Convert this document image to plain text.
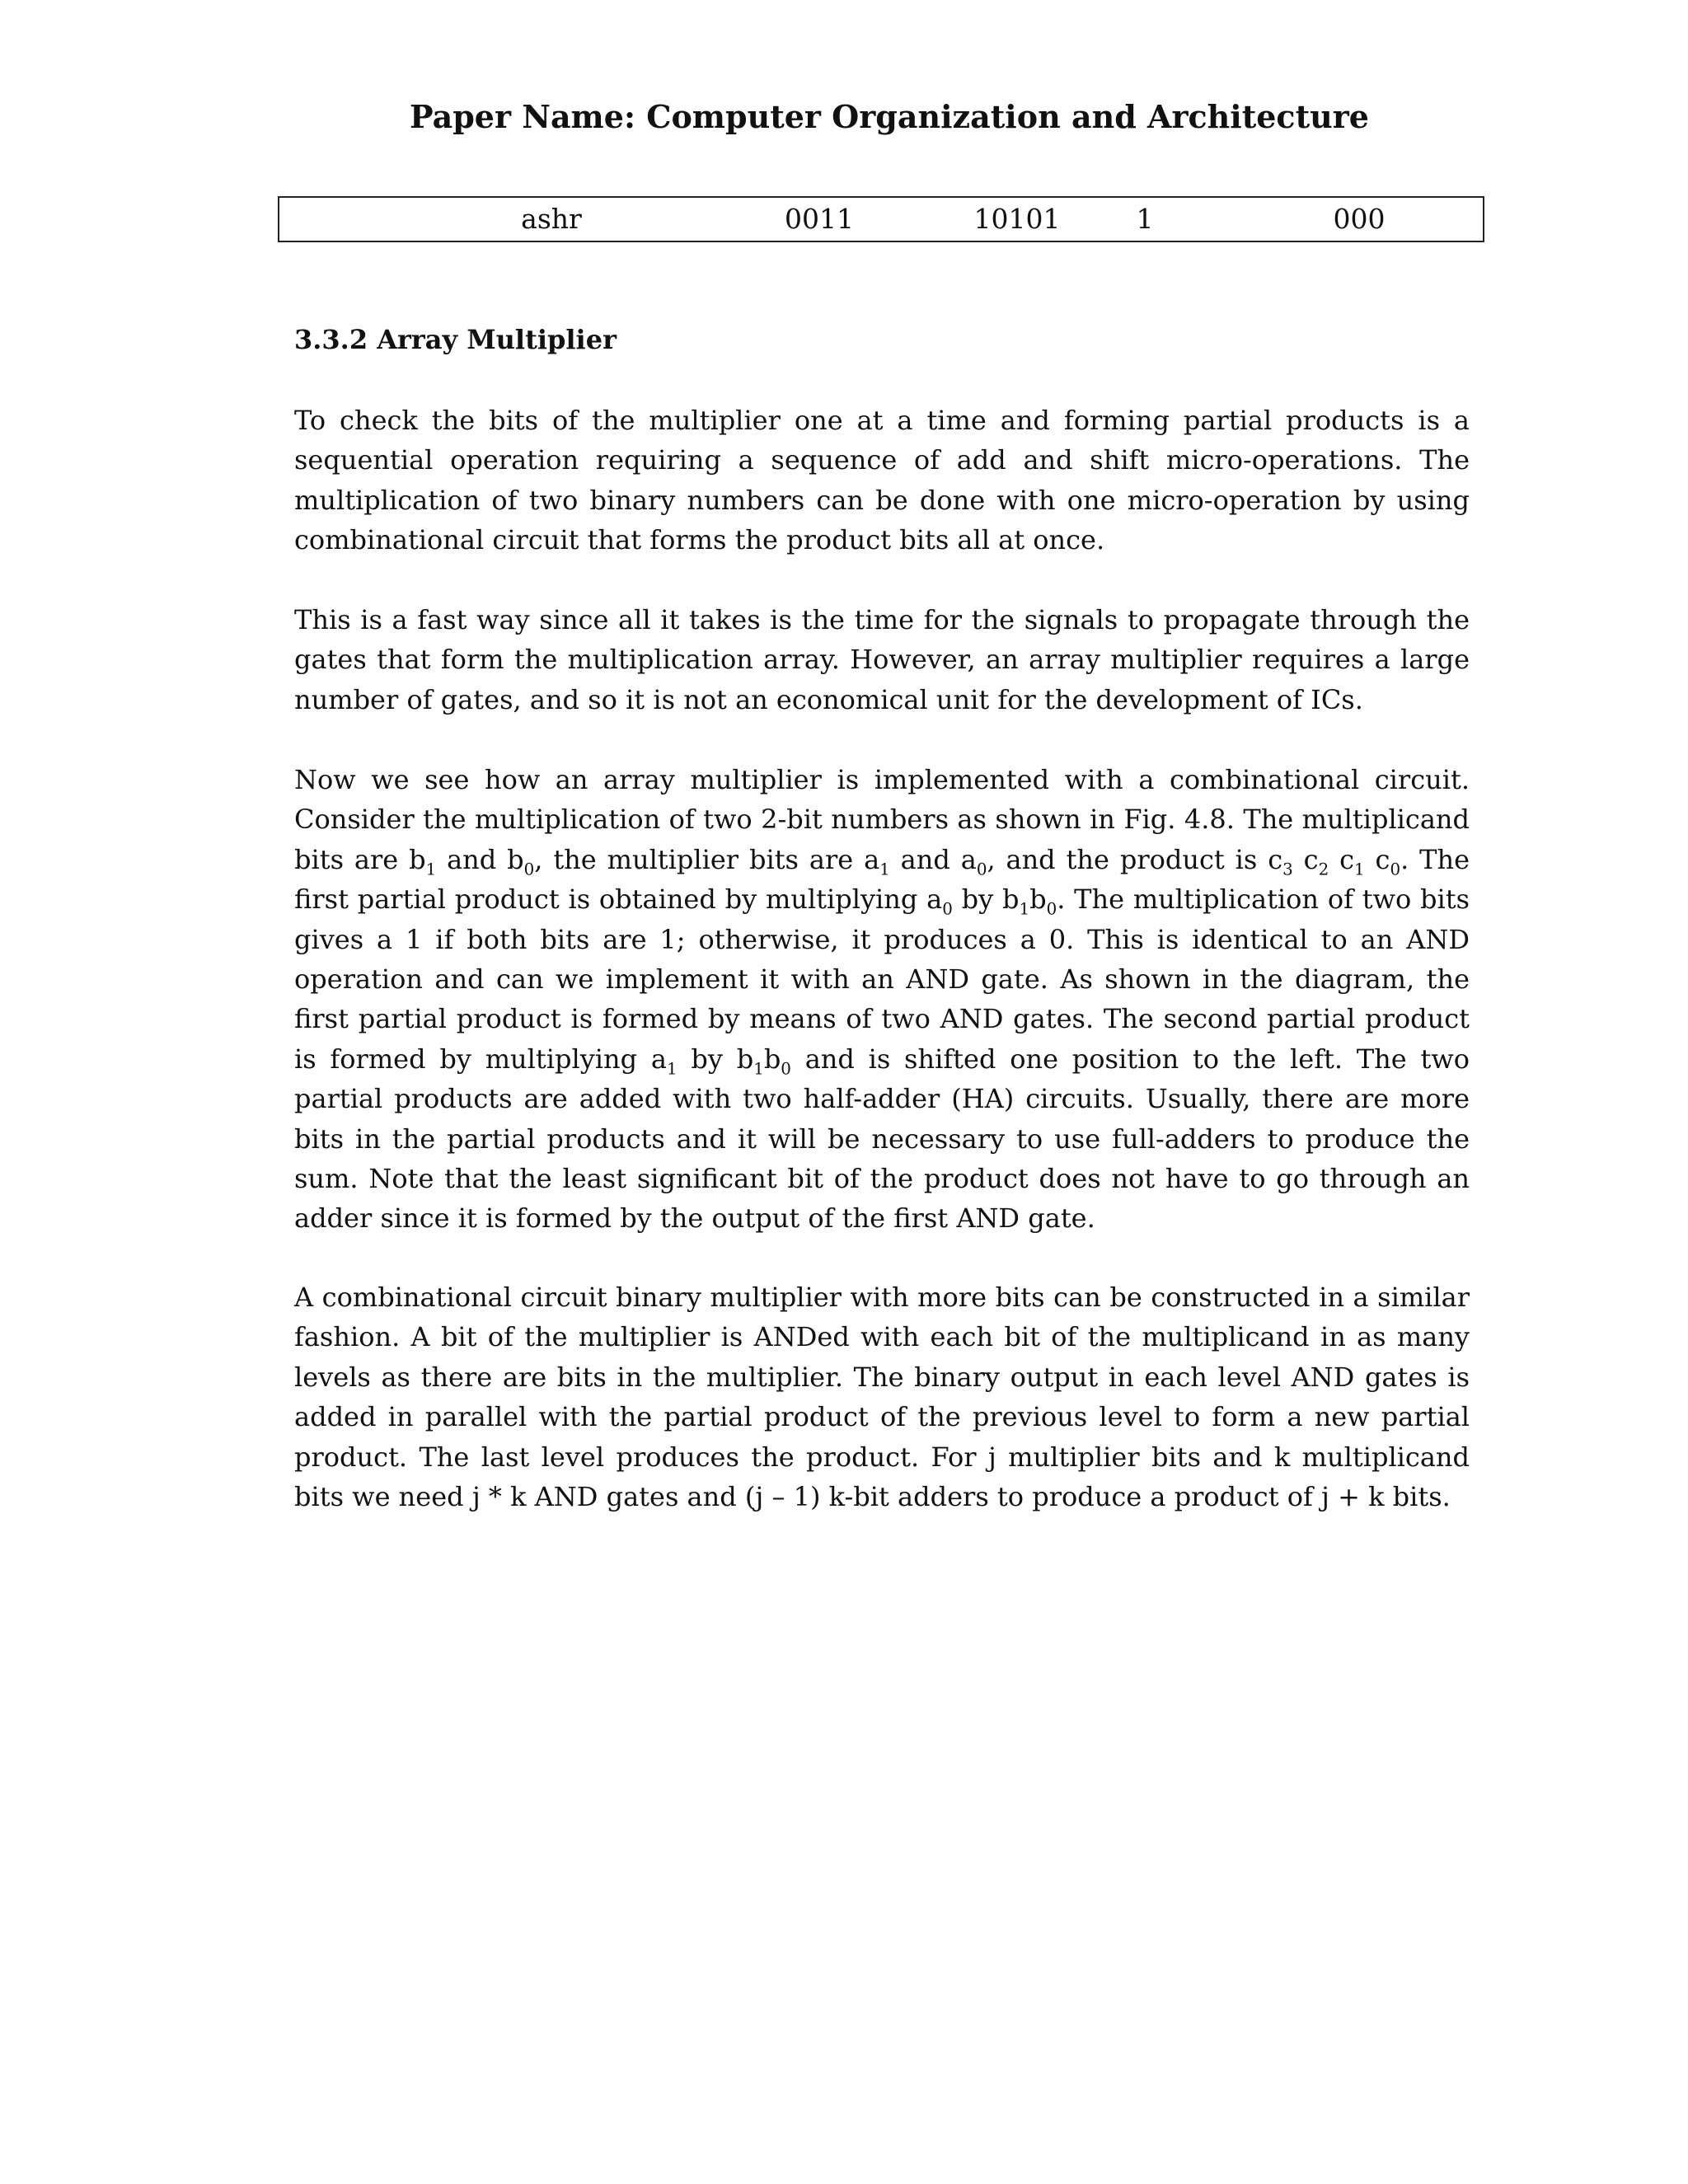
Paper Name: Computer Organization and Architecture
ashr	0011	10101	1	000
3.3.2 Array Multiplier

To check the bits of the multiplier one at a time and forming partial products is a sequential operation requiring a sequence of add and shift micro-operations. The multiplication of two binary numbers can be done with one micro-operation by using combinational circuit that forms the product bits all at once.

This is a fast way since all it takes is the time for the signals to propagate through the gates that form the multiplication array. However, an array multiplier requires a large number of gates, and so it is not an economical unit for the development of ICs.

Now we see how an array multiplier is implemented with a combinational circuit. Consider the multiplication of two 2-bit numbers as shown in Fig. 4.8. The multiplicand bits are $b_1$ and $b_0$, the multiplier bits are $a_1$ and $a_0$, and the product is $c_3$ $c_2$ $c_1$ $c_0$. The first partial product is obtained by multiplying $a_0$ by $b_1b_0$. The multiplication of two bits gives a 1 if both bits are 1; otherwise, it produces a 0. This is identical to an AND operation and can we implement it with an AND gate. As shown in the diagram, the first partial product is formed by means of two AND gates. The second partial product is formed by multiplying $a_1$ by $b_1b_0$ and is shifted one position to the left. The two partial products are added with two half-adder (HA) circuits. Usually, there are more bits in the partial products and it will be necessary to use full-adders to produce the sum. Note that the least significant bit of the product does not have to go through an adder since it is formed by the output of the first AND gate.

A combinational circuit binary multiplier with more bits can be constructed in a similar fashion. A bit of the multiplier is ANDed with each bit of the multiplicand in as many levels as there are bits in the multiplier. The binary output in each level AND gates is added in parallel with the partial product of the previous level to form a new partial product. The last level produces the product. For j multiplier bits and k multiplicand bits we need j * k AND gates and (j – 1) k-bit adders to produce a product of j + k bits.
